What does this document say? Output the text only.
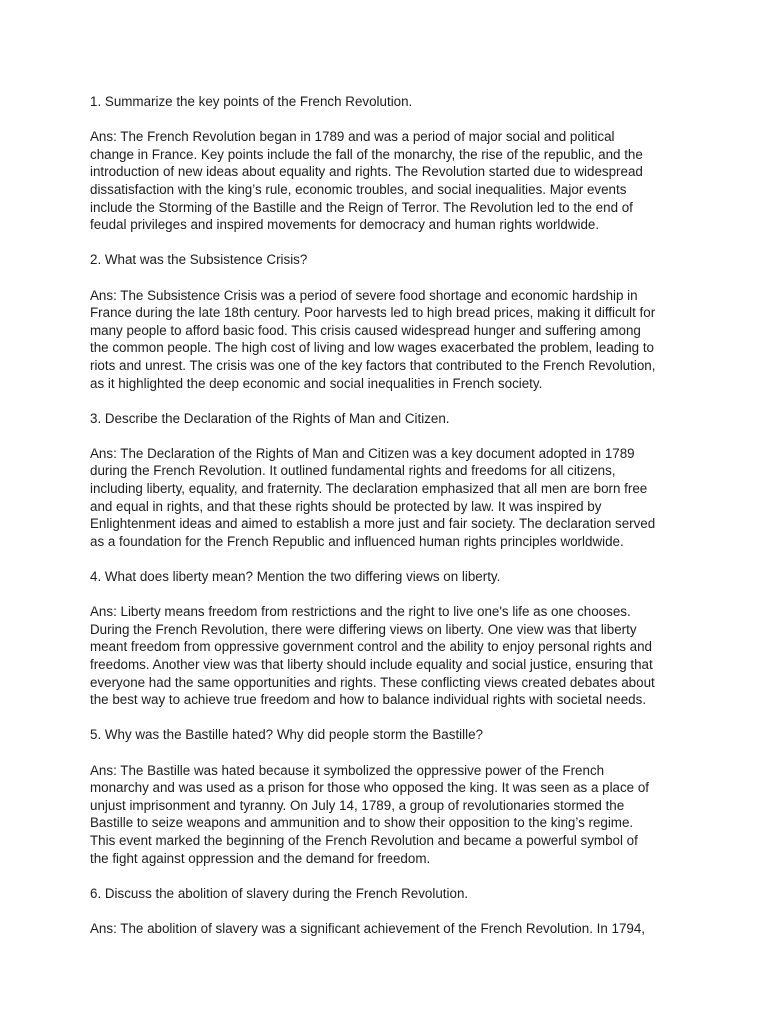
1. Summarize the key points of the French Revolution.
Ans: The French Revolution began in 1789 and was a period of major social and political
change in France. Key points include the fall of the monarchy, the rise of the republic, and the
introduction of new ideas about equality and rights. The Revolution started due to widespread
dissatisfaction with the king’s rule, economic troubles, and social inequalities. Major events
include the Storming of the Bastille and the Reign of Terror. The Revolution led to the end of
feudal privileges and inspired movements for democracy and human rights worldwide.
2. What was the Subsistence Crisis?
Ans: The Subsistence Crisis was a period of severe food shortage and economic hardship in
France during the late 18th century. Poor harvests led to high bread prices, making it difficult for
many people to afford basic food. This crisis caused widespread hunger and suffering among
the common people. The high cost of living and low wages exacerbated the problem, leading to
riots and unrest. The crisis was one of the key factors that contributed to the French Revolution,
as it highlighted the deep economic and social inequalities in French society.
3. Describe the Declaration of the Rights of Man and Citizen.
Ans: The Declaration of the Rights of Man and Citizen was a key document adopted in 1789
during the French Revolution. It outlined fundamental rights and freedoms for all citizens,
including liberty, equality, and fraternity. The declaration emphasized that all men are born free
and equal in rights, and that these rights should be protected by law. It was inspired by
Enlightenment ideas and aimed to establish a more just and fair society. The declaration served
as a foundation for the French Republic and influenced human rights principles worldwide.
4. What does liberty mean? Mention the two differing views on liberty.
Ans: Liberty means freedom from restrictions and the right to live one's life as one chooses.
During the French Revolution, there were differing views on liberty. One view was that liberty
meant freedom from oppressive government control and the ability to enjoy personal rights and
freedoms. Another view was that liberty should include equality and social justice, ensuring that
everyone had the same opportunities and rights. These conflicting views created debates about
the best way to achieve true freedom and how to balance individual rights with societal needs.
5. Why was the Bastille hated? Why did people storm the Bastille?
Ans: The Bastille was hated because it symbolized the oppressive power of the French
monarchy and was used as a prison for those who opposed the king. It was seen as a place of
unjust imprisonment and tyranny. On July 14, 1789, a group of revolutionaries stormed the
Bastille to seize weapons and ammunition and to show their opposition to the king’s regime.
This event marked the beginning of the French Revolution and became a powerful symbol of
the fight against oppression and the demand for freedom.
6. Discuss the abolition of slavery during the French Revolution.
Ans: The abolition of slavery was a significant achievement of the French Revolution. In 1794,
